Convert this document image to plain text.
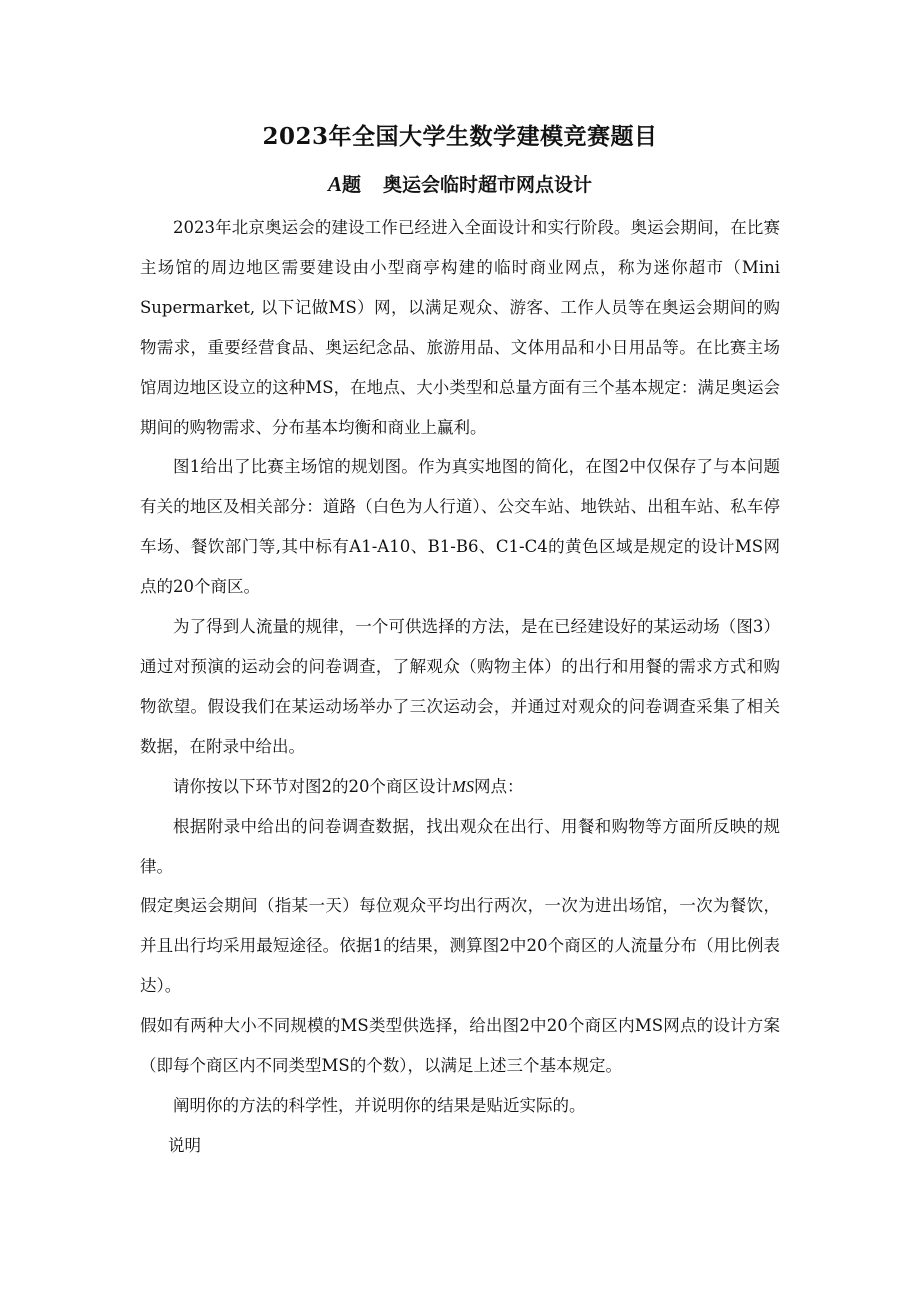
2023年全国大学生数学建模竞赛题目
A题 奥运会临时超市网点设计

2023年北京奥运会的建设工作已经进入全面设计和实行阶段。奥运会期间，在比赛主场馆的周边地区需要建设由小型商亭构建的临时商业网点，称为迷你超市（Mini Supermarket, 以下记做MS）网，以满足观众、游客、工作人员等在奥运会期间的购物需求，重要经营食品、奥运纪念品、旅游用品、文体用品和小日用品等。在比赛主场馆周边地区设立的这种MS，在地点、大小类型和总量方面有三个基本规定：满足奥运会期间的购物需求、分布基本均衡和商业上赢利。

图1给出了比赛主场馆的规划图。作为真实地图的简化，在图2中仅保存了与本问题有关的地区及相关部分：道路（白色为人行道）、公交车站、地铁站、出租车站、私车停车场、餐饮部门等,其中标有A1-A10、B1-B6、C1-C4的黄色区域是规定的设计MS网点的20个商区。

为了得到人流量的规律，一个可供选择的方法，是在已经建设好的某运动场（图3）通过对预演的运动会的问卷调查，了解观众（购物主体）的出行和用餐的需求方式和购物欲望。假设我们在某运动场举办了三次运动会，并通过对观众的问卷调查采集了相关数据，在附录中给出。

请你按以下环节对图2的20个商区设计MS网点：

根据附录中给出的问卷调查数据，找出观众在出行、用餐和购物等方面所反映的规律。

假定奥运会期间（指某一天）每位观众平均出行两次，一次为进出场馆，一次为餐饮，并且出行均采用最短途径。依据1的结果，测算图2中20个商区的人流量分布（用比例表达）。

假如有两种大小不同规模的MS类型供选择，给出图2中20个商区内MS网点的设计方案（即每个商区内不同类型MS的个数），以满足上述三个基本规定。

阐明你的方法的科学性，并说明你的结果是贴近实际的。

说明
